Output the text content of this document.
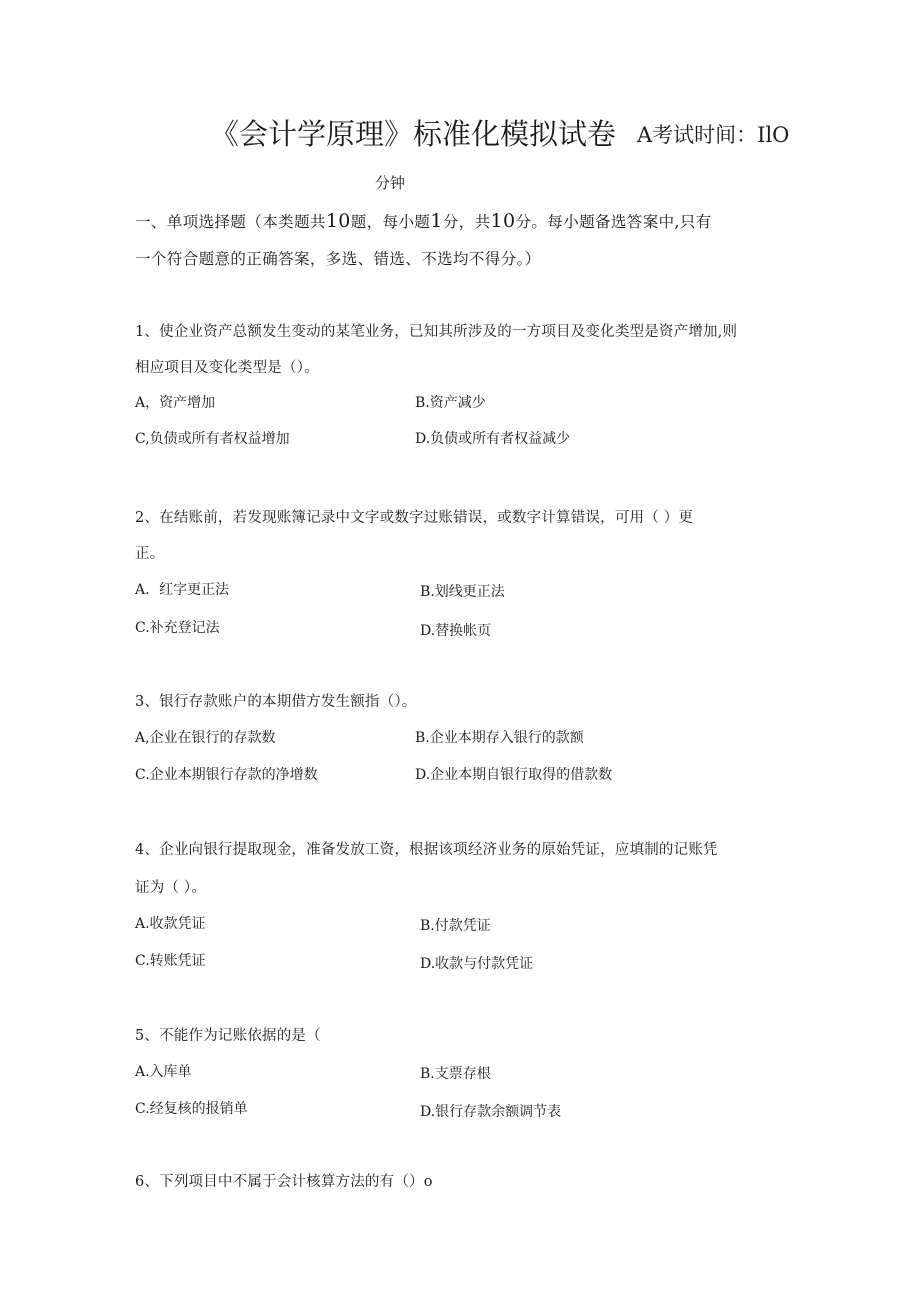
《会计学原理》标准化模拟试卷 A考试时间：IlO
分钟
一、单项选择题（本类题共10题，每小题1分，共10分。每小题备选答案中,只有
一个符合题意的正确答案，多选、错选、不选均不得分。）
1、使企业资产总额发生变动的某笔业务，已知其所涉及的一方项目及变化类型是资产增加,则
相应项目及变化类型是（）。
A，资产增加	B.资产减少
C,负债或所有者权益增加	D.负债或所有者权益减少
2、在结账前，若发现账簿记录中文字或数字过账错误，或数字计算错误，可用（ ）更
正。
A．红字更正法	B.划线更正法
C.补充登记法	D.替换帐页
3、银行存款账户的本期借方发生额指（）。
A,企业在银行的存款数	B.企业本期存入银行的款额
C.企业本期银行存款的净增数	D.企业本期自银行取得的借款数
4、企业向银行提取现金，准备发放工资，根据该项经济业务的原始凭证，应填制的记账凭
证为（ ）。
A.收款凭证	B.付款凭证
C.转账凭证	D.收款与付款凭证
5、不能作为记账依据的是（
A.入库单	B.支票存根
C.经复核的报销单	D.银行存款余额调节表
6、下列项目中不属于会计核算方法的有（）o
